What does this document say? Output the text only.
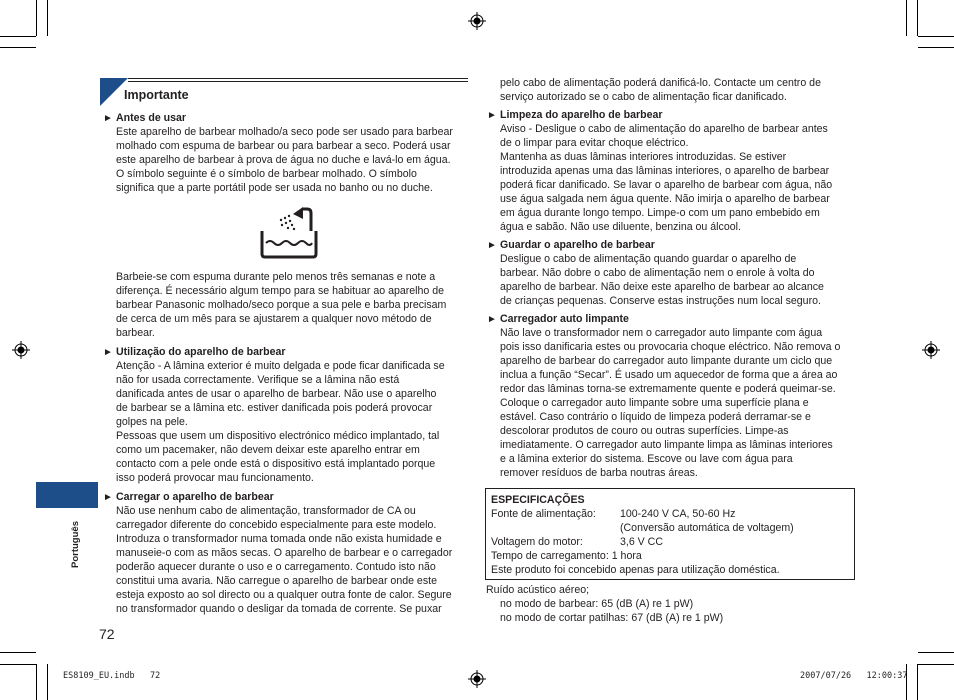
Importante
► Antes de usar

Este aparelho de barbear molhado/a seco pode ser usado para barbear
molhado com espuma de barbear ou para barbear a seco. Poderá usar
este aparelho de barbear à prova de água no duche e lavá-lo em água.
O símbolo seguinte é o símbolo de barbear molhado. O símbolo
significa que a parte portátil pode ser usada no banho ou no duche.

Barbeie-se com espuma durante pelo menos três semanas e note a
diferença. É necessário algum tempo para se habituar ao aparelho de
barbear Panasonic molhado/seco porque a sua pele e barba precisam
de cerca de um mês para se ajustarem a qualquer novo método de
barbear.

► Utilização do aparelho de barbear

Atenção - A lâmina exterior é muito delgada e pode ficar danificada se
não for usada correctamente. Verifique se a lâmina não está
danificada antes de usar o aparelho de barbear. Não use o aparelho
de barbear se a lâmina etc. estiver danificada pois poderá provocar
golpes na pele.
Pessoas que usem um dispositivo electrónico médico implantado, tal
como um pacemaker, não devem deixar este aparelho entrar em
contacto com a pele onde está o dispositivo está implantado porque
isso poderá provocar mau funcionamento.

► Carregar o aparelho de barbear

Não use nenhum cabo de alimentação, transformador de CA ou
carregador diferente do concebido especialmente para este modelo.
Introduza o transformador numa tomada onde não exista humidade e
manuseie-o com as mãos secas. O aparelho de barbear e o carregador
poderão aquecer durante o uso e o carregamento. Contudo isto não
constitui uma avaria. Não carregue o aparelho de barbear onde este
esteja exposto ao sol directo ou a qualquer outra fonte de calor. Segure
no transformador quando o desligar da tomada de corrente. Se puxar

Português
72

pelo cabo de alimentação poderá danificá-lo. Contacte um centro de
serviço autorizado se o cabo de alimentação ficar danificado.

► Limpeza do aparelho de barbear

Aviso - Desligue o cabo de alimentação do aparelho de barbear antes
de o limpar para evitar choque eléctrico.
Mantenha as duas lâminas interiores introduzidas. Se estiver
introduzida apenas uma das lâminas interiores, o aparelho de barbear
poderá ficar danificado. Se lavar o aparelho de barbear com água, não
use água salgada nem água quente. Não imirja o aparelho de barbear
em água durante longo tempo. Limpe-o com um pano embebido em
água e sabão. Não use diluente, benzina ou álcool.

► Guardar o aparelho de barbear

Desligue o cabo de alimentação quando guardar o aparelho de
barbear. Não dobre o cabo de alimentação nem o enrole à volta do
aparelho de barbear. Não deixe este aparelho de barbear ao alcance
de crianças pequenas. Conserve estas instruções num local seguro.

► Carregador auto limpante

Não lave o transformador nem o carregador auto limpante com água
pois isso danificaria estes ou provocaria choque eléctrico. Não remova o
aparelho de barbear do carregador auto limpante durante um ciclo que
inclua a função “Secar”. É usado um aquecedor de forma que a área ao
redor das lâminas torna-se extremamente quente e poderá queimar-se.
Coloque o carregador auto limpante sobre uma superfície plana e
estável. Caso contrário o líquido de limpeza poderá derramar-se e
descolorar produtos de couro ou outras superfícies. Limpe-as
imediatamente. O carregador auto limpante limpa as lâminas interiores
e a lâmina exterior do sistema. Escove ou lave com água para
remover resíduos de barba noutras áreas.

ESPECIFICAÇÕES
Fonte de alimentação:	100-240 V CA, 50-60 Hz
(Conversão automática de voltagem)
Voltagem do motor:	3,6 V CC
Tempo de carregamento: 1 hora
Este produto foi concebido apenas para utilização doméstica.

Ruído acústico aéreo;

no modo de barbear: 65 (dB (A) re 1 pW)

no modo de cortar patilhas: 67 (dB (A) re 1 pW)

ES8109_EU.indb 72	2007/07/26 12:00:37
